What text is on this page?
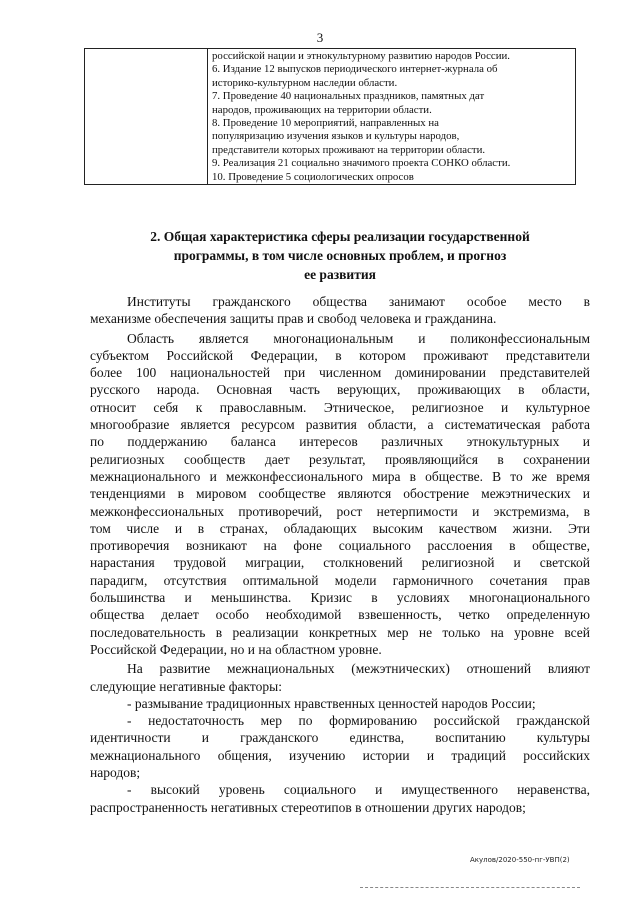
3

российской нации и этнокультурному развитию народов России.
6. Издание 12 выпусков периодического интернет-журнала об
историко-культурном наследии области.
7. Проведение 40 национальных праздников, памятных дат
народов, проживающих на территории области.
8. Проведение 10 мероприятий, направленных на
популяризацию изучения языков и культуры народов,
представители которых проживают на территории области.
9. Реализация 21 социально значимого проекта СОНКО области.
10. Проведение 5 социологических опросов
2. Общая характеристика сферы реализации государственной
программы, в том числе основных проблем, и прогноз
ее развития
Институты гражданского общества занимают особое место в
механизме обеспечения защиты прав и свобод человека и гражданина.
Область является многонациональным и поликонфессиональным
субъектом Российской Федерации, в котором проживают представители
более 100 национальностей при численном доминировании представителей
русского народа. Основная часть верующих, проживающих в области,
относит себя к православным. Этническое, религиозное и культурное
многообразие является ресурсом развития области, а систематическая работа
по поддержанию баланса интересов различных этнокультурных и
религиозных сообществ дает результат, проявляющийся в сохранении
межнационального и межконфессионального мира в обществе. В то же время
тенденциями в мировом сообществе являются обострение межэтнических и
межконфессиональных противоречий, рост нетерпимости и экстремизма, в
том числе и в странах, обладающих высоким качеством жизни. Эти
противоречия возникают на фоне социального расслоения в обществе,
нарастания трудовой миграции, столкновений религиозной и светской
парадигм, отсутствия оптимальной модели гармоничного сочетания прав
большинства и меньшинства. Кризис в условиях многонационального
общества делает особо необходимой взвешенность, четко определенную
последовательность в реализации конкретных мер не только на уровне всей
Российской Федерации, но и на областном уровне.
На развитие межнациональных (межэтнических) отношений влияют
следующие негативные факторы:
- размывание традиционных нравственных ценностей народов России;
- недостаточность мер по формированию российской гражданской
идентичности и гражданского единства, воспитанию культуры
межнационального общения, изучению истории и традиций российских
народов;
- высокий уровень социального и имущественного неравенства,
распространенность негативных стереотипов в отношении других народов;
Акулов/2020-550-пг-УВП(2)
